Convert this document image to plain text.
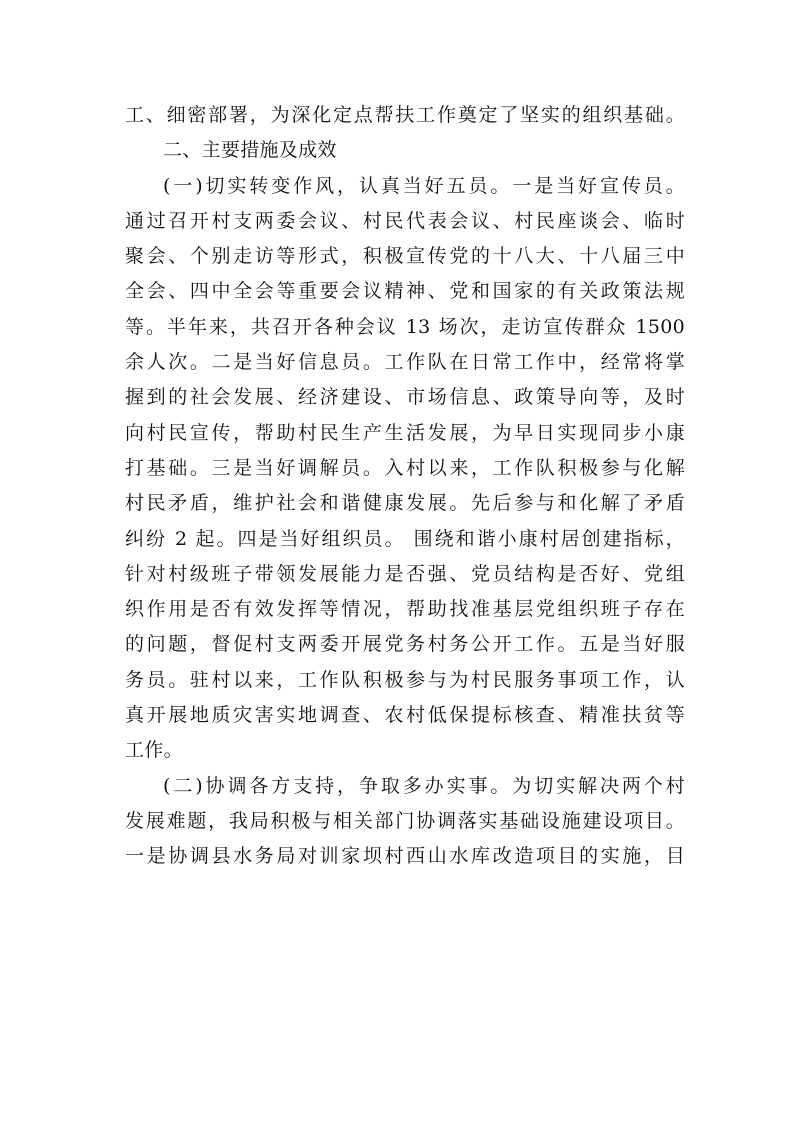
工、细密部署，为深化定点帮扶工作奠定了坚实的组织基础。
二、主要措施及成效
(一)切实转变作风，认真当好五员。一是当好宣传员。
通过召开村支两委会议、村民代表会议、村民座谈会、临时
聚会、个别走访等形式，积极宣传党的十八大、十八届三中
全会、四中全会等重要会议精神、党和国家的有关政策法规
等。半年来，共召开各种会议 13 场次，走访宣传群众 1500
余人次。二是当好信息员。工作队在日常工作中，经常将掌
握到的社会发展、经济建设、市场信息、政策导向等，及时
向村民宣传，帮助村民生产生活发展，为早日实现同步小康
打基础。三是当好调解员。入村以来，工作队积极参与化解
村民矛盾，维护社会和谐健康发展。先后参与和化解了矛盾
纠纷 2 起。四是当好组织员。 围绕和谐小康村居创建指标，
针对村级班子带领发展能力是否强、党员结构是否好、党组
织作用是否有效发挥等情况，帮助找准基层党组织班子存在
的问题，督促村支两委开展党务村务公开工作。五是当好服
务员。驻村以来，工作队积极参与为村民服务事项工作，认
真开展地质灾害实地调查、农村低保提标核查、精准扶贫等
工作。
(二)协调各方支持，争取多办实事。为切实解决两个村
发展难题，我局积极与相关部门协调落实基础设施建设项目。
一是协调县水务局对训家坝村西山水库改造项目的实施，目
